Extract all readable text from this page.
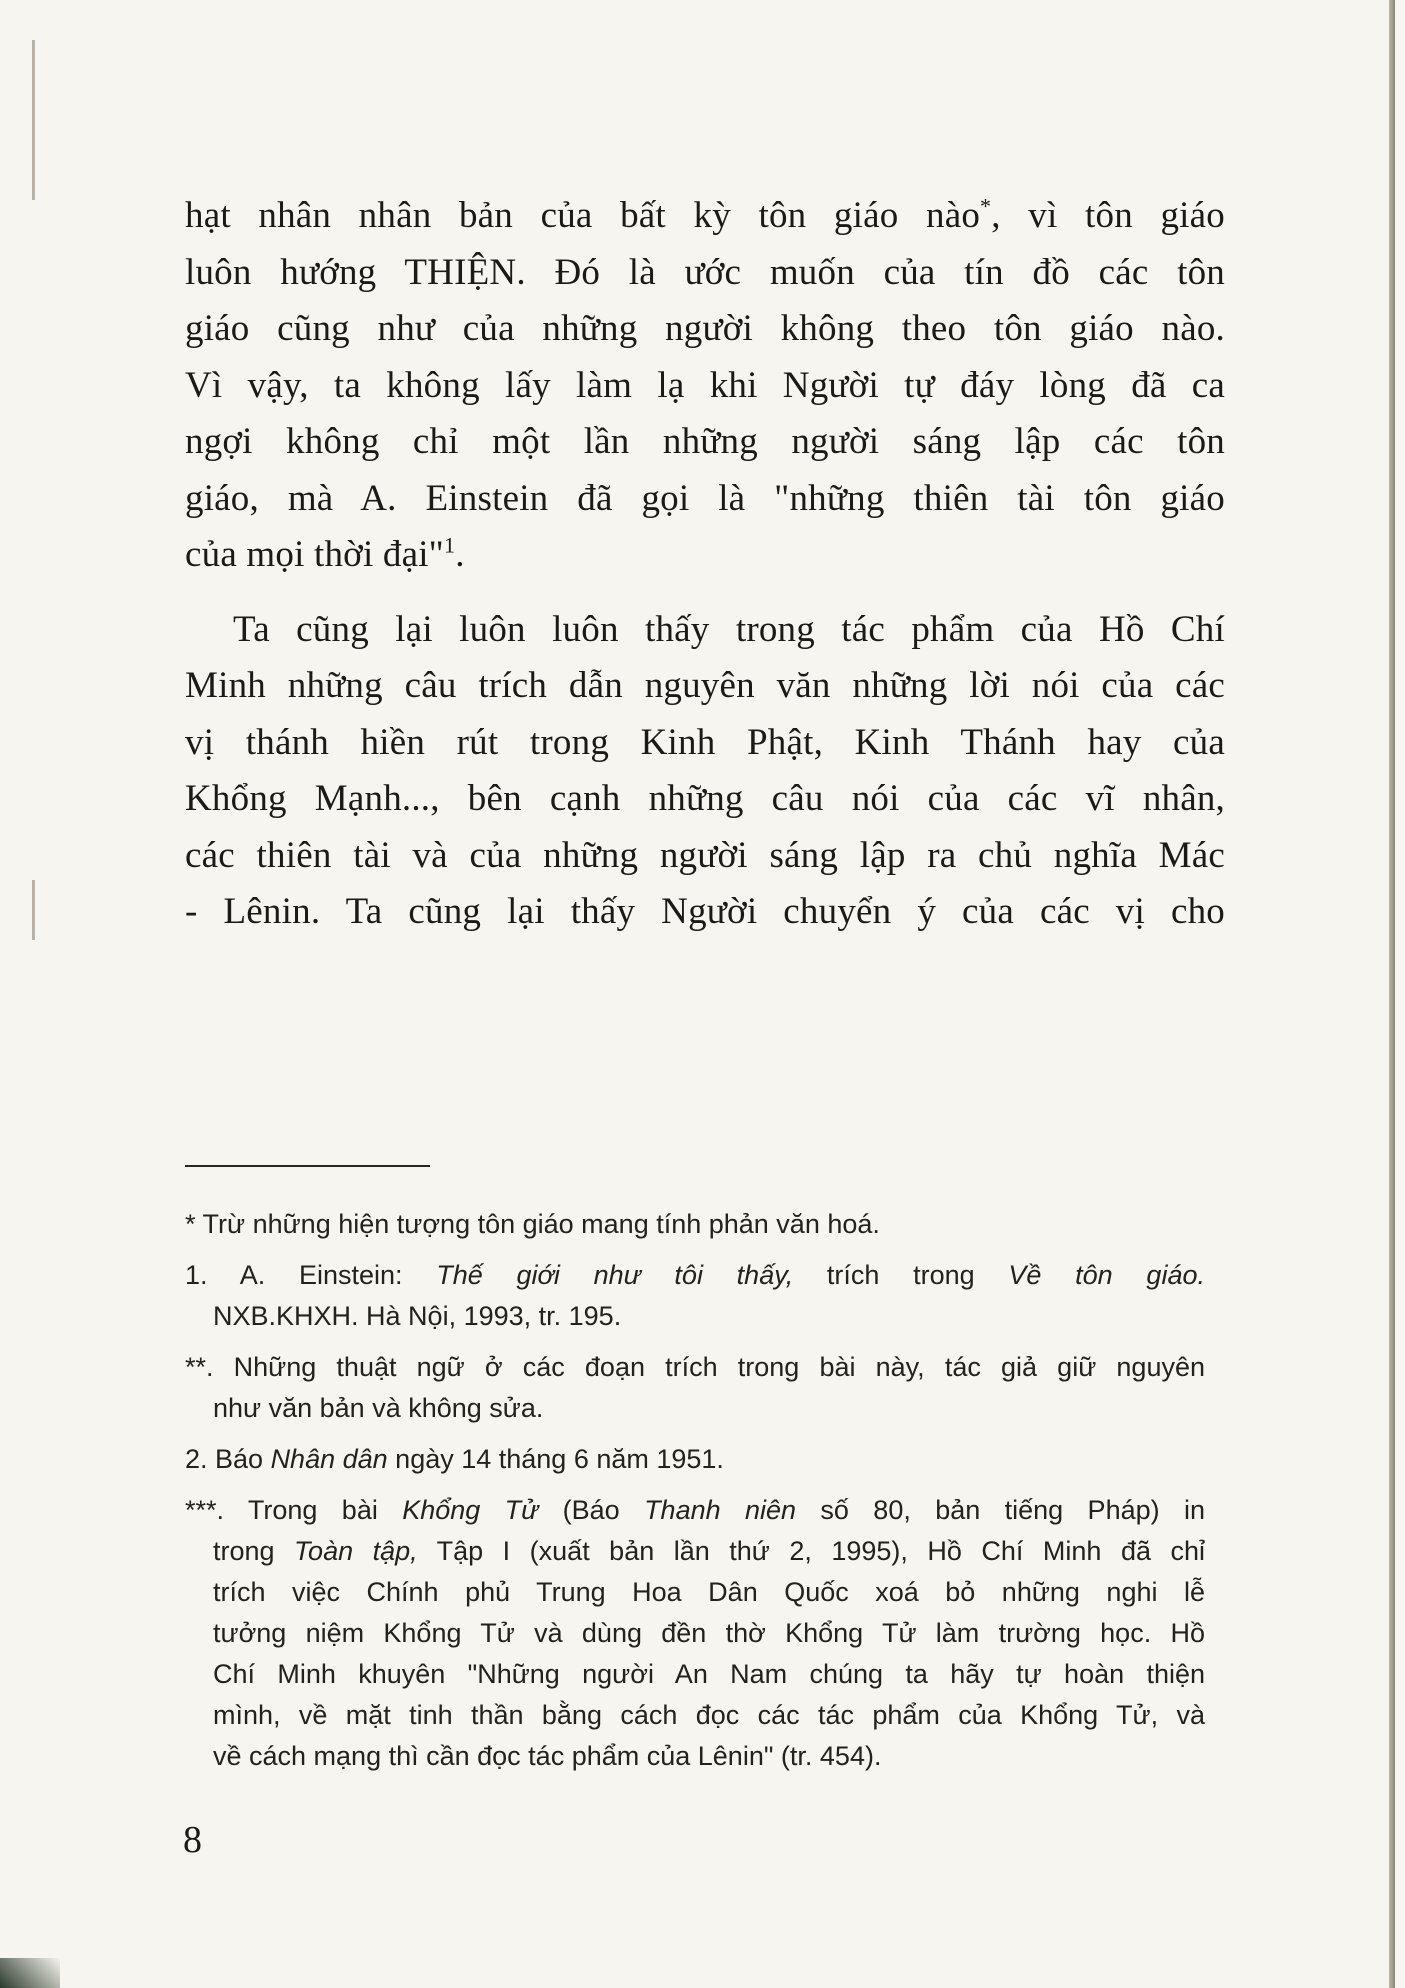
hạt nhân nhân bản của bất kỳ tôn giáo nào*, vì tôn giáo
luôn hướng THIỆN. Đó là ước muốn của tín đồ các tôn
giáo cũng như của những người không theo tôn giáo nào.
Vì vậy, ta không lấy làm lạ khi Người tự đáy lòng đã ca
ngợi không chỉ một lần những người sáng lập các tôn
giáo, mà A. Einstein đã gọi là "những thiên tài tôn giáo
của mọi thời đại"$^1$.
Ta cũng lại luôn luôn thấy trong tác phẩm của Hồ Chí
Minh những câu trích dẫn nguyên văn những lời nói của các
vị thánh hiền rút trong Kinh Phật, Kinh Thánh hay của
Khổng Mạnh..., bên cạnh những câu nói của các vĩ nhân,
các thiên tài và của những người sáng lập ra chủ nghĩa Mác
- Lênin. Ta cũng lại thấy Người chuyển ý của các vị cho
* Trừ những hiện tượng tôn giáo mang tính phản văn hoá.
1. A. Einstein: Thế giới như tôi thấy, trích trong Về tôn giáo.
NXB.KHXH. Hà Nội, 1993, tr. 195.
**. Những thuật ngữ ở các đoạn trích trong bài này, tác giả giữ nguyên
như văn bản và không sửa.
2. Báo Nhân dân ngày 14 tháng 6 năm 1951.
***. Trong bài Khổng Tử (Báo Thanh niên số 80, bản tiếng Pháp) in
trong Toàn tập, Tập I (xuất bản lần thứ 2, 1995), Hồ Chí Minh đã chỉ
trích việc Chính phủ Trung Hoa Dân Quốc xoá bỏ những nghi lễ
tưởng niệm Khổng Tử và dùng đền thờ Khổng Tử làm trường học. Hồ
Chí Minh khuyên "Những người An Nam chúng ta hãy tự hoàn thiện
mình, về mặt tinh thần bằng cách đọc các tác phẩm của Khổng Tử, và
về cách mạng thì cần đọc tác phẩm của Lênin" (tr. 454).
8
